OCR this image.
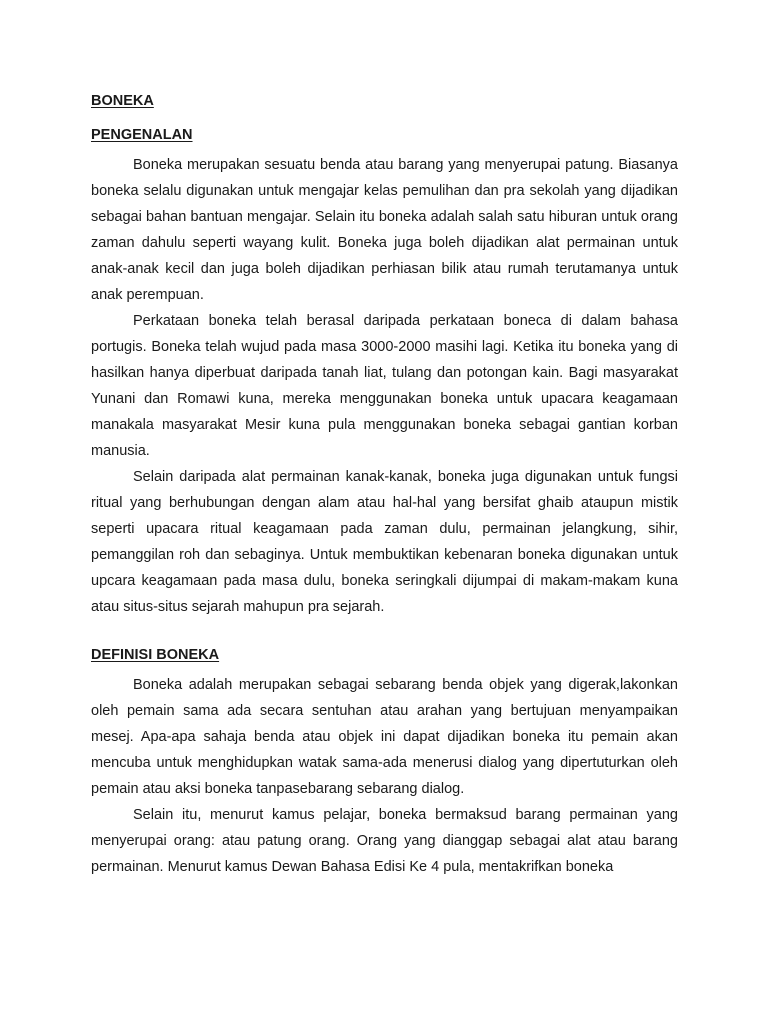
BONEKA
PENGENALAN

Boneka merupakan sesuatu benda atau barang yang menyerupai patung. Biasanya boneka selalu digunakan untuk mengajar kelas pemulihan dan pra sekolah yang dijadikan sebagai bahan bantuan mengajar. Selain itu boneka adalah salah satu hiburan untuk orang zaman dahulu seperti wayang kulit. Boneka juga boleh dijadikan alat permainan untuk anak-anak kecil dan juga boleh dijadikan perhiasan bilik atau rumah terutamanya untuk anak perempuan.

Perkataan boneka telah berasal daripada perkataan boneca di dalam bahasa portugis. Boneka telah wujud pada masa 3000-2000 masihi lagi. Ketika itu boneka yang di hasilkan hanya diperbuat daripada tanah liat, tulang dan potongan kain. Bagi masyarakat Yunani dan Romawi kuna, mereka menggunakan boneka untuk upacara keagamaan manakala masyarakat Mesir kuna pula menggunakan boneka sebagai gantian korban manusia.

Selain daripada alat permainan kanak-kanak, boneka juga digunakan untuk fungsi ritual yang berhubungan dengan alam atau hal-hal yang bersifat ghaib ataupun mistik seperti upacara ritual keagamaan pada zaman dulu, permainan jelangkung, sihir, pemanggilan roh dan sebaginya. Untuk membuktikan kebenaran boneka digunakan untuk upcara keagamaan pada masa dulu, boneka seringkali dijumpai di makam-makam kuna atau situs-situs sejarah mahupun pra sejarah.

DEFINISI BONEKA

Boneka adalah merupakan sebagai sebarang benda objek yang digerak,lakonkan oleh pemain sama ada secara sentuhan atau arahan yang bertujuan menyampaikan mesej. Apa-apa sahaja benda atau objek ini dapat dijadikan boneka itu pemain akan mencuba untuk menghidupkan watak sama-ada menerusi dialog yang dipertuturkan oleh pemain atau aksi boneka tanpasebarang sebarang dialog.

Selain itu, menurut kamus pelajar, boneka bermaksud barang permainan yang menyerupai orang: atau patung orang. Orang yang dianggap sebagai alat atau barang permainan. Menurut kamus Dewan Bahasa Edisi Ke 4 pula, mentakrifkan boneka
